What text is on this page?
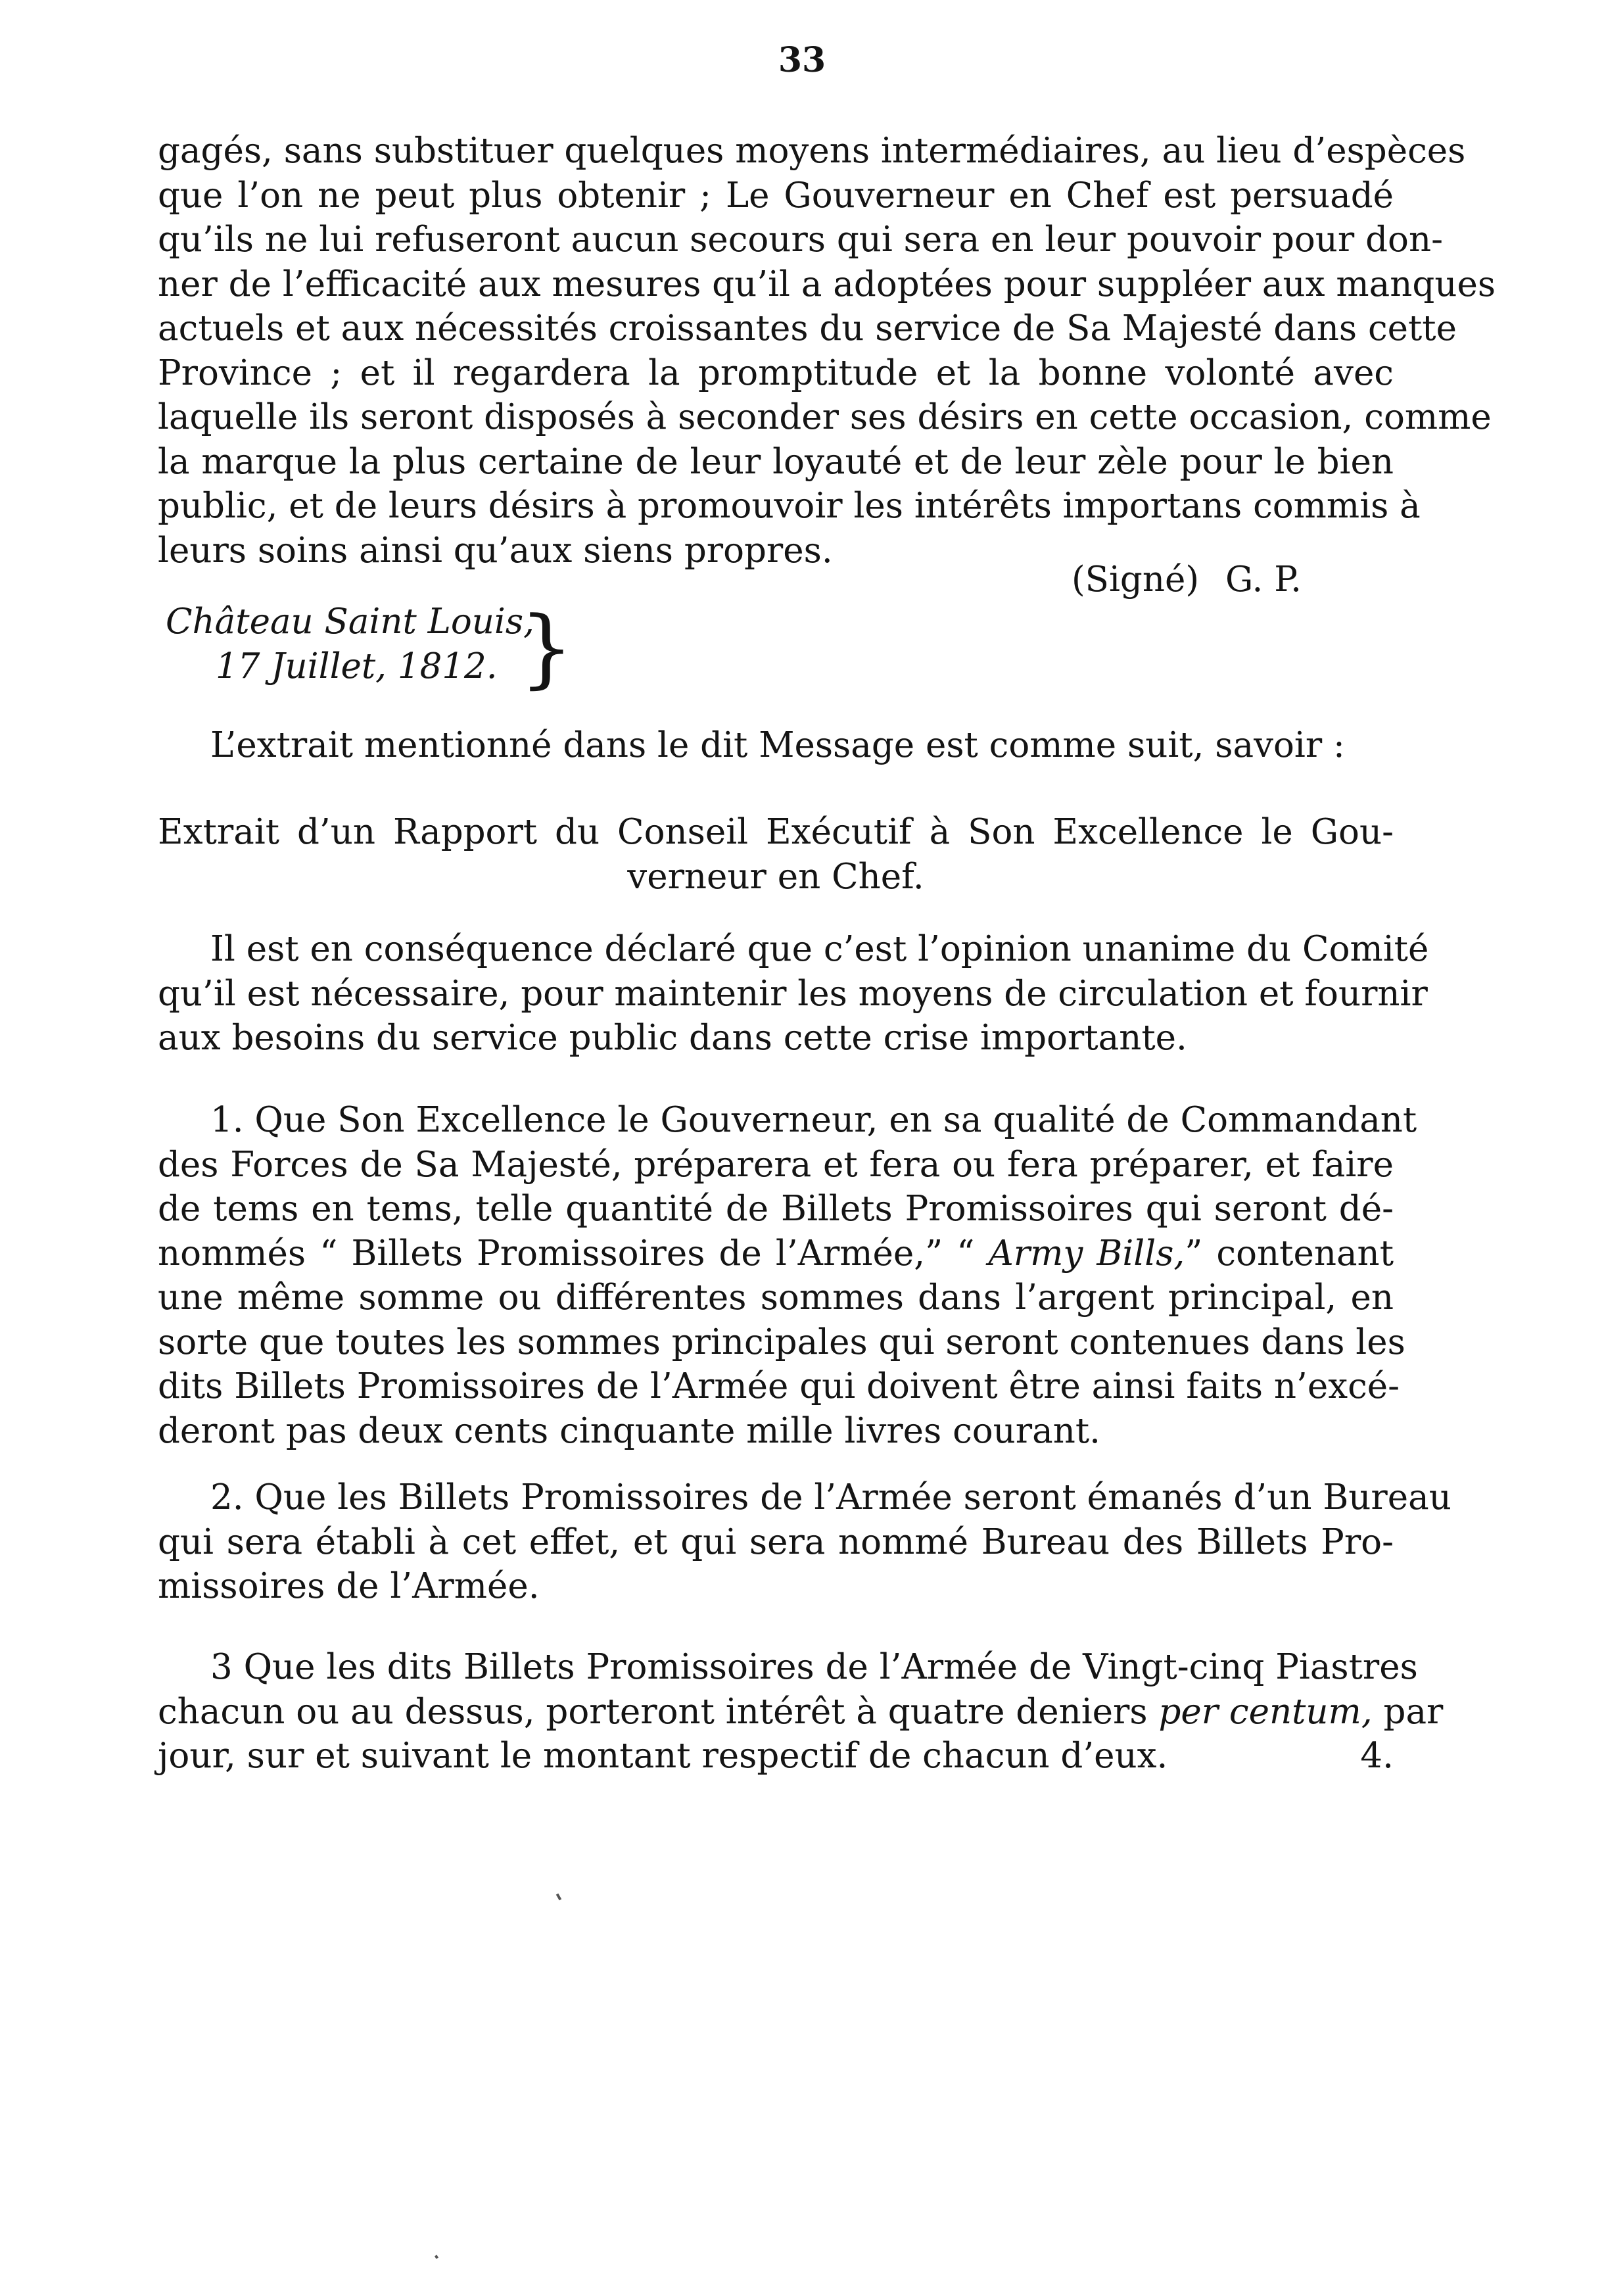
33
gagés, sans substituer quelques moyens intermédiaires, au lieu d’espèces
que l’on ne peut plus obtenir ; Le Gouverneur en Chef est persuadé
qu’ils ne lui refuseront aucun secours qui sera en leur pouvoir pour don-
ner de l’efficacité aux mesures qu’il a adoptées pour suppléer aux manques
actuels et aux nécessités croissantes du service de Sa Majesté dans cette
Province ; et il regardera la promptitude et la bonne volonté avec
laquelle ils seront disposés à seconder ses désirs en cette occasion, comme
la marque la plus certaine de leur loyauté et de leur zèle pour le bien
public, et de leurs désirs à promouvoir les intérêts importans commis à
leurs soins ainsi qu’aux siens propres.
(Signé) G. P.
Château Saint Louis,
17 Juillet, 1812. }
L’extrait mentionné dans le dit Message est comme suit, savoir :
Extrait d’un Rapport du Conseil Exécutif à Son Excellence le Gou-
verneur en Chef.
Il est en conséquence déclaré que c’est l’opinion unanime du Comité
qu’il est nécessaire, pour maintenir les moyens de circulation et fournir
aux besoins du service public dans cette crise importante.
1. Que Son Excellence le Gouverneur, en sa qualité de Commandant
des Forces de Sa Majesté, préparera et fera ou fera préparer, et faire
de tems en tems, telle quantité de Billets Promissoires qui seront dé-
nommés “ Billets Promissoires de l’Armée,” “ Army Bills,” contenant
une même somme ou différentes sommes dans l’argent principal, en
sorte que toutes les sommes principales qui seront contenues dans les
dits Billets Promissoires de l’Armée qui doivent être ainsi faits n’excé-
deront pas deux cents cinquante mille livres courant.
2. Que les Billets Promissoires de l’Armée seront émanés d’un Bureau
qui sera établi à cet effet, et qui sera nommé Bureau des Billets Pro-
missoires de l’Armée.
3 Que les dits Billets Promissoires de l’Armée de Vingt-cinq Piastres
chacun ou au dessus, porteront intérêt à quatre deniers per centum, par
jour, sur et suivant le montant respectif de chacun d’eux.	4.
